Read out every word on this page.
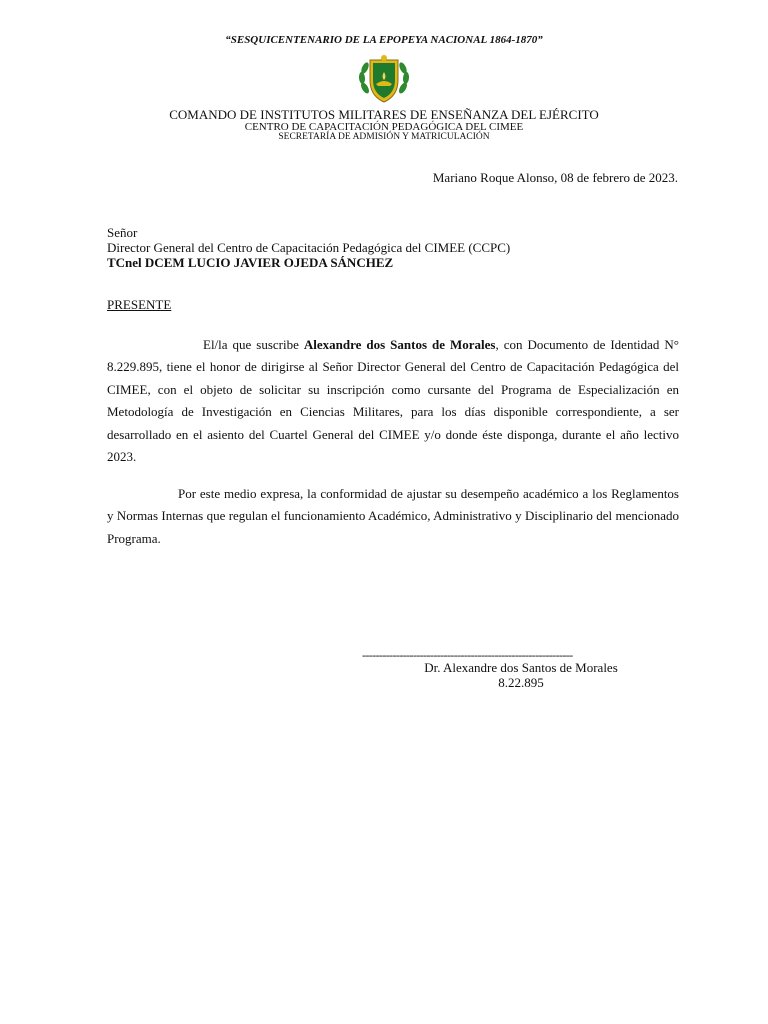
“SESQUICENTENARIO DE LA EPOPEYA NACIONAL 1864-1870”
COMANDO DE INSTITUTOS MILITARES DE ENSEÑANZA DEL EJÉRCITO
CENTRO DE CAPACITACIÓN PEDAGÓGICA DEL CIMEE
SECRETARÍA DE ADMISIÓN Y MATRICULACIÓN
Mariano Roque Alonso, 08 de febrero de 2023.
Señor
Director General del Centro de Capacitación Pedagógica del CIMEE (CCPC)
TCnel DCEM LUCIO JAVIER OJEDA SÁNCHEZ
PRESENTE
El/la que suscribe Alexandre dos Santos de Morales, con Documento de Identidad N° 8.229.895, tiene el honor de dirigirse al Señor Director General del Centro de Capacitación Pedagógica del CIMEE, con el objeto de solicitar su inscripción como cursante del Programa de Especialización en Metodología de Investigación en Ciencias Militares, para los días disponible correspondiente, a ser desarrollado en el asiento del Cuartel General del CIMEE y/o donde éste disponga, durante el año lectivo 2023.
Por este medio expresa, la conformidad de ajustar su desempeño académico a los Reglamentos y Normas Internas que regulan el funcionamiento Académico, Administrativo y Disciplinario del mencionado Programa.
--------------------------------------------------------------
Dr. Alexandre dos Santos de Morales
8.22.895
